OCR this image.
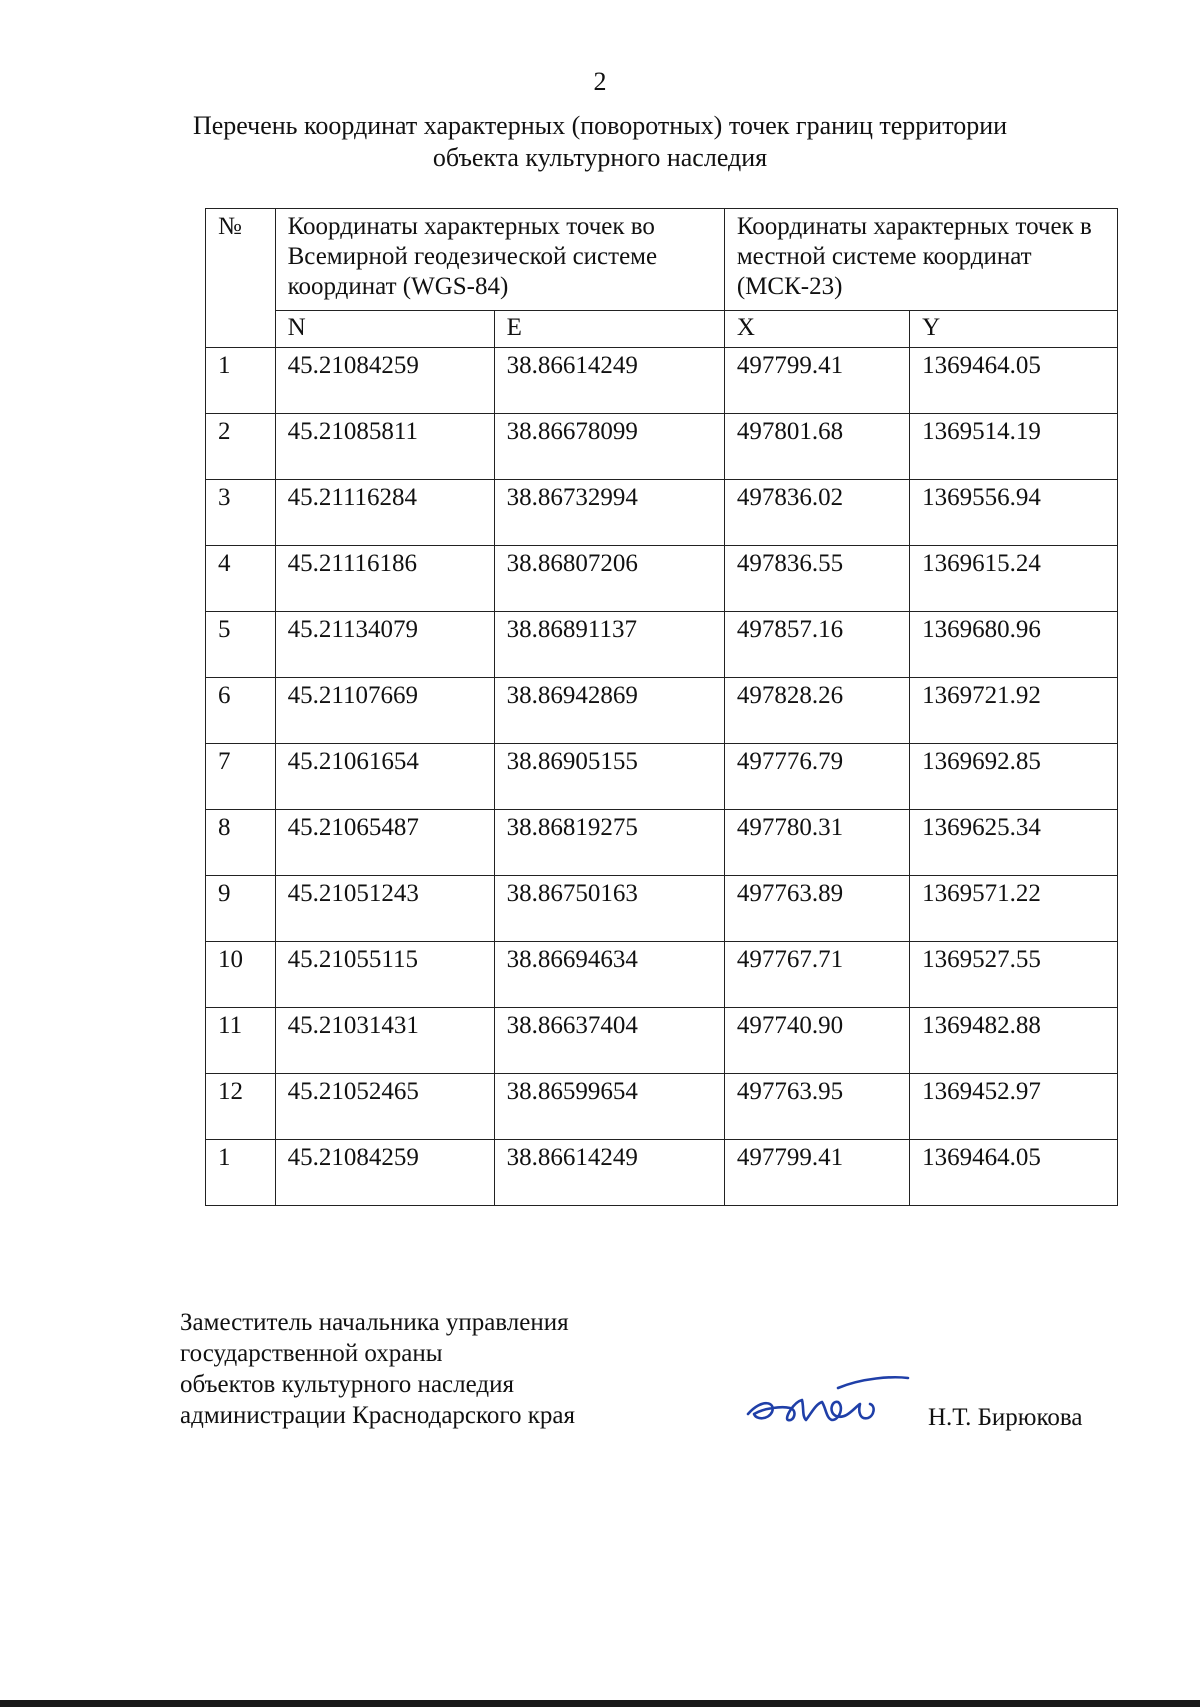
2
Перечень координат характерных (поворотных) точек границ территории
объекта культурного наследия
№	Координаты характерных точек во Всемирной геодезической системе координат (WGS-84)		Координаты характерных точек в местной системе координат (МСК-23)	
	N	E	X	Y
1	45.21084259	38.86614249	497799.41	1369464.05
2	45.21085811	38.86678099	497801.68	1369514.19
3	45.21116284	38.86732994	497836.02	1369556.94
4	45.21116186	38.86807206	497836.55	1369615.24
5	45.21134079	38.86891137	497857.16	1369680.96
6	45.21107669	38.86942869	497828.26	1369721.92
7	45.21061654	38.86905155	497776.79	1369692.85
8	45.21065487	38.86819275	497780.31	1369625.34
9	45.21051243	38.86750163	497763.89	1369571.22
10	45.21055115	38.86694634	497767.71	1369527.55
11	45.21031431	38.86637404	497740.90	1369482.88
12	45.21052465	38.86599654	497763.95	1369452.97
1	45.21084259	38.86614249	497799.41	1369464.05
Заместитель начальника управления
государственной охраны
объектов культурного наследия
администрации Краснодарского края	Н.Т. Бирюкова
